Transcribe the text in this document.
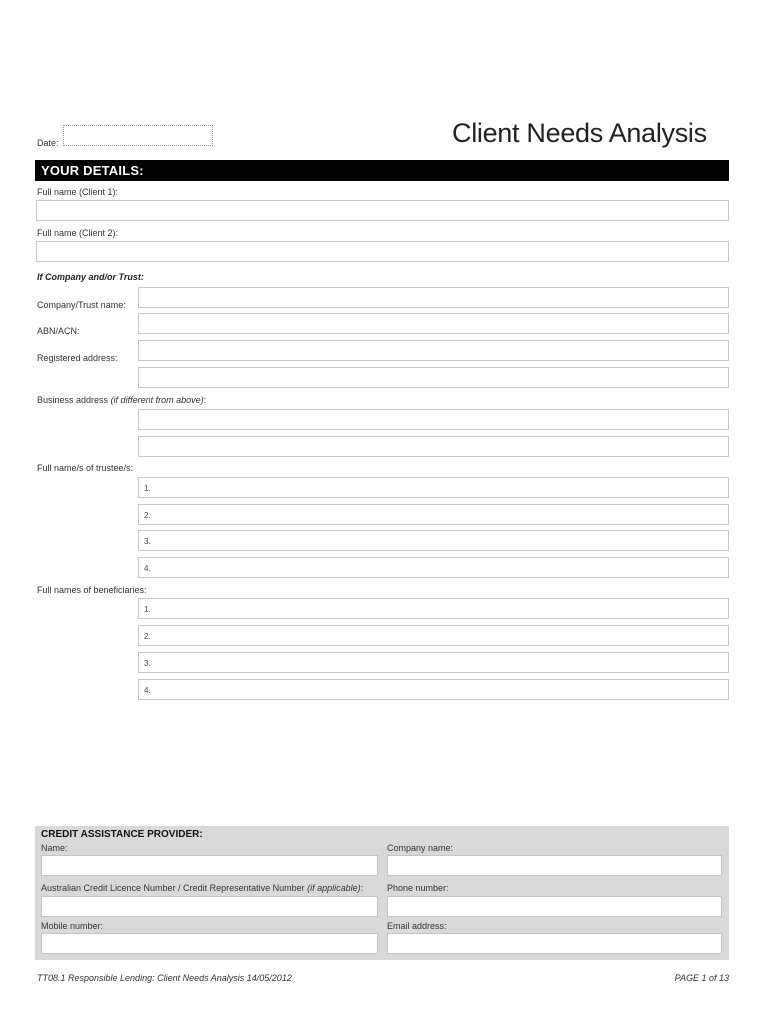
Date:	Client Needs Analysis
YOUR DETAILS:
Full name (Client 1):
Full name (Client 2):
If Company and/or Trust:
Company/Trust name:
ABN/ACN:
Registered address:
Business address (if different from above):
Full name/s of trustee/s:
1.
2.
3.
4.
Full names of beneficiaries:
1.
2.
3.
4.
CREDIT ASSISTANCE PROVIDER:
Name:	Company name:
Australian Credit Licence Number / Credit Representative Number (if applicable):	Phone number:
Mobile number:	Email address:
TT08.1 Responsible Lending: Client Needs Analysis 14/05/2012	PAGE 1 of 13
